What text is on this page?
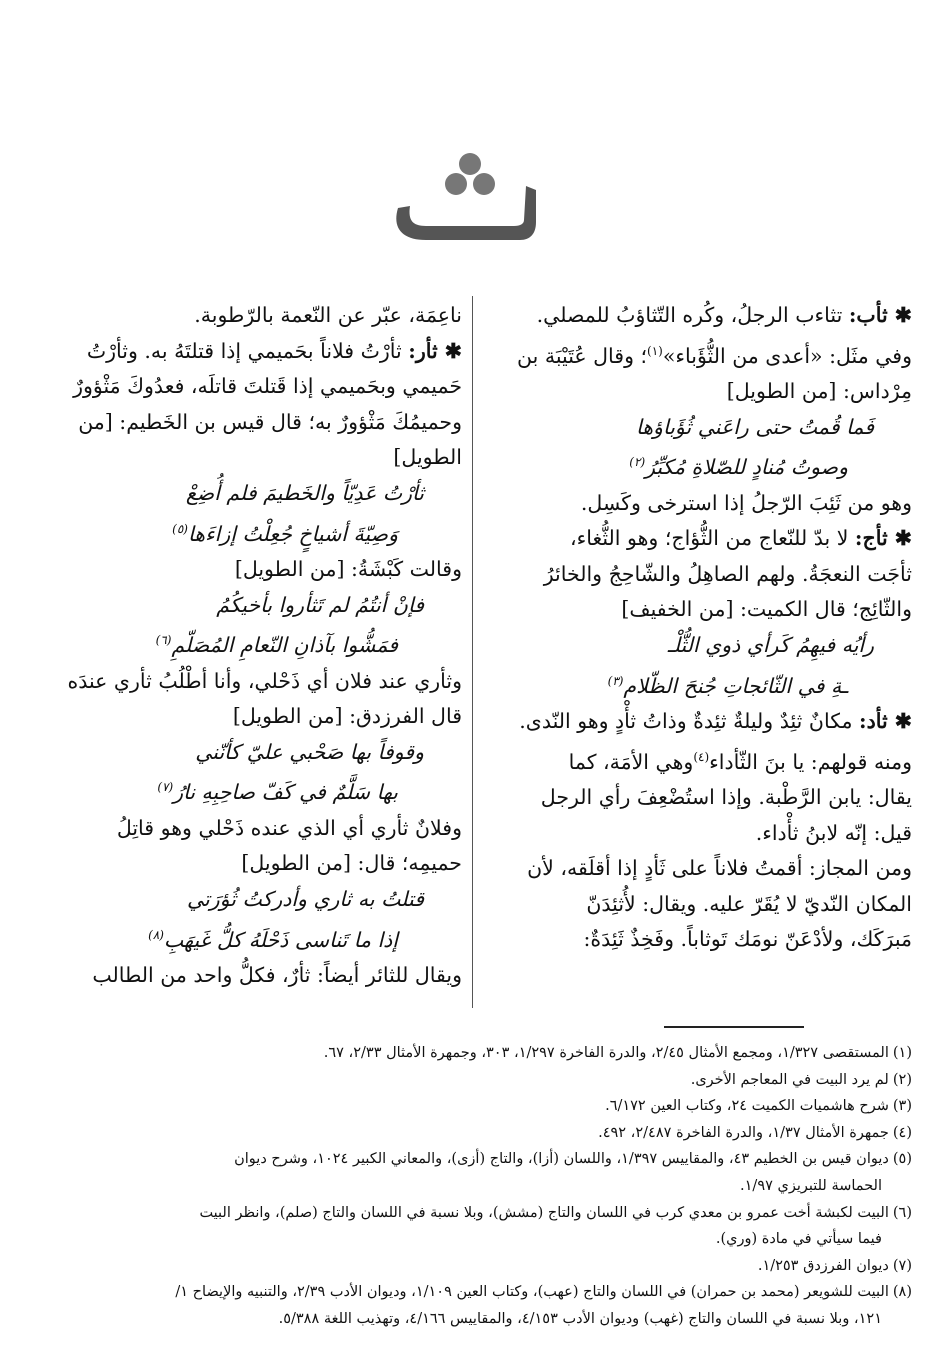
ث

✱ ثأب: تثاءب الرجلُ، وكُره التّثاؤبُ للمصلي.

وفي مثَل: «أعدى من الثُّؤَباء»$^{(١)}$؛ وقال عُتَيْبَة بن

مِرْداس: [من الطويل]

فَما قُمتُ حتى راعَني ثُؤَباؤها

وصوتُ مُنادٍ للصّلاةِ مُكبِّرُ$^{(٢)}$

وهو من ثَئِبَ الرّجلُ إذا استرخى وكَسِل.

✱ ثأج: لا بدّ للنّعاج من الثُّؤاج؛ وهو الثُّغاء،

ثأجَت النعجَةُ. ولهم الصاهِلُ والشّاحِجُ والخائرُ

والثّائِج؛ قال الكميت: [من الخفيف]

رأيُه فيهِمُ كَرأي ذوي الثُّلْـ

ـةِ في الثّائجاتِ جُنحَ الظّلام$^{(٣)}$

✱ ثأد: مكانٌ ثئِدٌ وليلةٌ ثئِدةٌ وذاتُ ثأْدٍ وهو النّدى.

ومنه قولهم: يا بنَ الثّأداء$^{(٤)}$وهي الأمَة، كما

يقال: يابن الرَّطْبة. وإذا استُضْعِفَ رأي الرجل

قيل: إنّه لابنُ ثأْداء.

ومن المجاز: أقمتُ فلاناً على ثَأدٍ إذا أقلَقه، لأن

المكان النّديّ لا يُقَرّ عليه. ويقال: لأُثئِدَنّ

مَبرَكَك، ولأدْعَنّ نومَك تَوثاباً. وفَخِذٌ ثَئِدَةٌ:

ناعِمَة، عبّر عن النّعمة بالرّطوبة.

✱ ثأر: ثأرْتُ فلاناً بحَميمي إذا قتلتَهُ به. وثأرْتُ

حَميمي وبحَميمي إذا قَتلتَ قاتلَه، فعدُوكَ مَثْؤورٌ

وحميمُكَ مَثْؤورٌ به؛ قال قيس بن الخَطيم: [من

الطويل]

ثأرْتُ عَدِيّاً والخَطيمَ فلم أُضِعْ

وَصِيّةَ أشياخٍ جُعِلْتُ إزاءَها$^{(٥)}$

وقالت كَبْشَةُ: [من الطويل]

فإنْ أنتُمُ لم تَثأروا بأخيكُمُ

فمَشُّوا بآذانِ النّعامِ المُصَلّمِ$^{(٦)}$

وثأري عند فلان أي ذَحْلي، وأنا أطْلُبُ ثأري عندَه

قال الفرزدق: [من الطويل]

وقوفاً بها صَحْبي عليّ كأنّني

بها سَلَّمٌ في كَفّ صاحِبِهِ نارُ$^{(٧)}$

وفلانٌ ثأري أي الذي عنده ذَحْلي وهو قاتِلُ

حميمِه؛ قال: [من الطويل]

قتلتُ به ثاري وأدركتُ ثُؤرَتي

إذا ما تَناسى ذَحْلَهُ كلُّ غَيهَبِ$^{(٨)}$

ويقال للثائر أيضاً: ثأرٌ، فكلُّ واحد من الطالب

(١)المستقصى ١/٣٢٧، ومجمع الأمثال ٢/٤٥، والدرة الفاخرة ١/٢٩٧، ٣٠٣، وجمهرة الأمثال ٢/٣٣، ٦٧.

(٢)لم يرد البيت في المعاجم الأخرى.

(٣)شرح هاشميات الكميت ٢٤، وكتاب العين ٦/١٧٢.

(٤)جمهرة الأمثال ١/٣٧، والدرة الفاخرة ٢/٤٨٧، ٤٩٢.

(٥)ديوان قيس بن الخطيم ٤٣، والمقاييس ١/٣٩٧، واللسان (أزا)، والتاج (أزى)، والمعاني الكبير ١٠٢٤، وشرح ديوان
الحماسة للتبريزي ١/٩٧.

(٦)البيت لكبشة أخت عمرو بن معدي كرب في اللسان والتاج (مشش)، وبلا نسبة في اللسان والتاج (صلم)، وانظر البيت
فيما سيأتي في مادة (وري).

(٧)ديوان الفرزدق ١/٢٥٣.

(٨)البيت للشويعر (محمد بن حمران) في اللسان والتاج (عهب)، وكتاب العين ١/١٠٩، وديوان الأدب ٢/٣٩، والتنبيه والإيضاح ١/
١٢١، وبلا نسبة في اللسان والتاج (غهب) وديوان الأدب ٤/١٥٣، والمقاييس ٤/١٦٦، وتهذيب اللغة ٥/٣٨٨.
